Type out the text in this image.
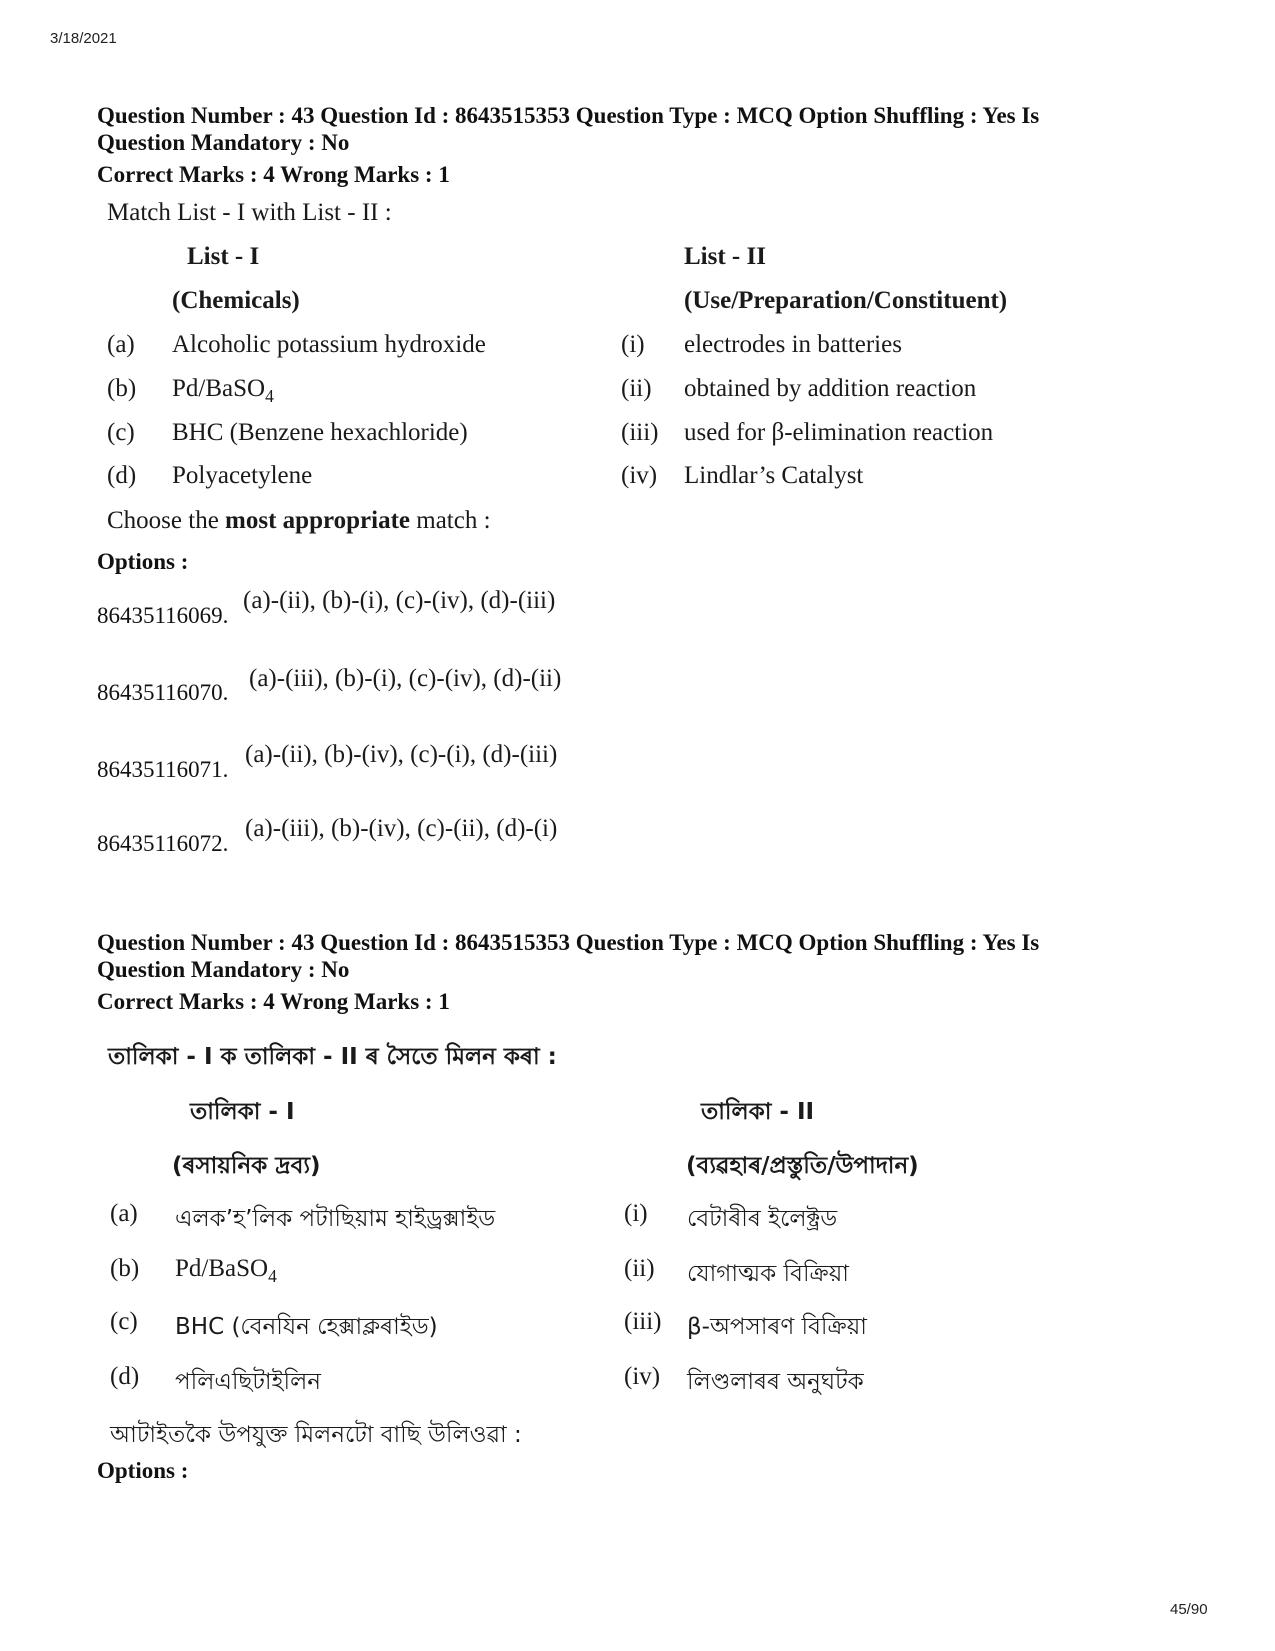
3/18/2021
45/90
Question Number : 43 Question Id : 8643515353 Question Type : MCQ Option Shuffling : Yes Is
Question Mandatory : No
Correct Marks : 4 Wrong Marks : 1
Match List - I with List - II :
List - I	List - II
(Chemicals)	(Use/Preparation/Constituent)
(a) Alcoholic potassium hydroxide	(i) electrodes in batteries
(b) Pd/BaSO$_4$	(ii) obtained by addition reaction
(c) BHC (Benzene hexachloride)	(iii) used for β-elimination reaction
(d) Polyacetylene	(iv) Lindlar’s Catalyst
Choose the most appropriate match :
Options :
86435116069.
(a)-(ii), (b)-(i), (c)-(iv), (d)-(iii)
86435116070.
(a)-(iii), (b)-(i), (c)-(iv), (d)-(ii)
86435116071.
(a)-(ii), (b)-(iv), (c)-(i), (d)-(iii)
86435116072.
(a)-(iii), (b)-(iv), (c)-(ii), (d)-(i)
Question Number : 43 Question Id : 8643515353 Question Type : MCQ Option Shuffling : Yes Is
Question Mandatory : No
Correct Marks : 4 Wrong Marks : 1
তালিকা - I ক তালিকা - II ৰ সৈতে মিলন কৰা :
তালিকা - I	তালিকা - II
(ৰসায়নিক দ্ৰব্য)	(ব্যৱহাৰ/প্ৰস্তুতি/উপাদান)
(a) এলক’হ’লিক পটাছিয়াম হাইড্ৰক্সাইড	(i) বেটাৰীৰ ইলেক্ট্ৰড
(b) Pd/BaSO$_4$	(ii) যোগাত্মক বিক্ৰিয়া
(c) BHC (বেনযিন হেক্সাক্লৰাইড)	(iii) β-অপসাৰণ বিক্ৰিয়া
(d) পলিএছিটাইলিন	(iv) লিণ্ডলাৰৰ অনুঘটক
আটাইতকৈ উপযুক্ত মিলনটো বাছি উলিওৱা :
Options :
